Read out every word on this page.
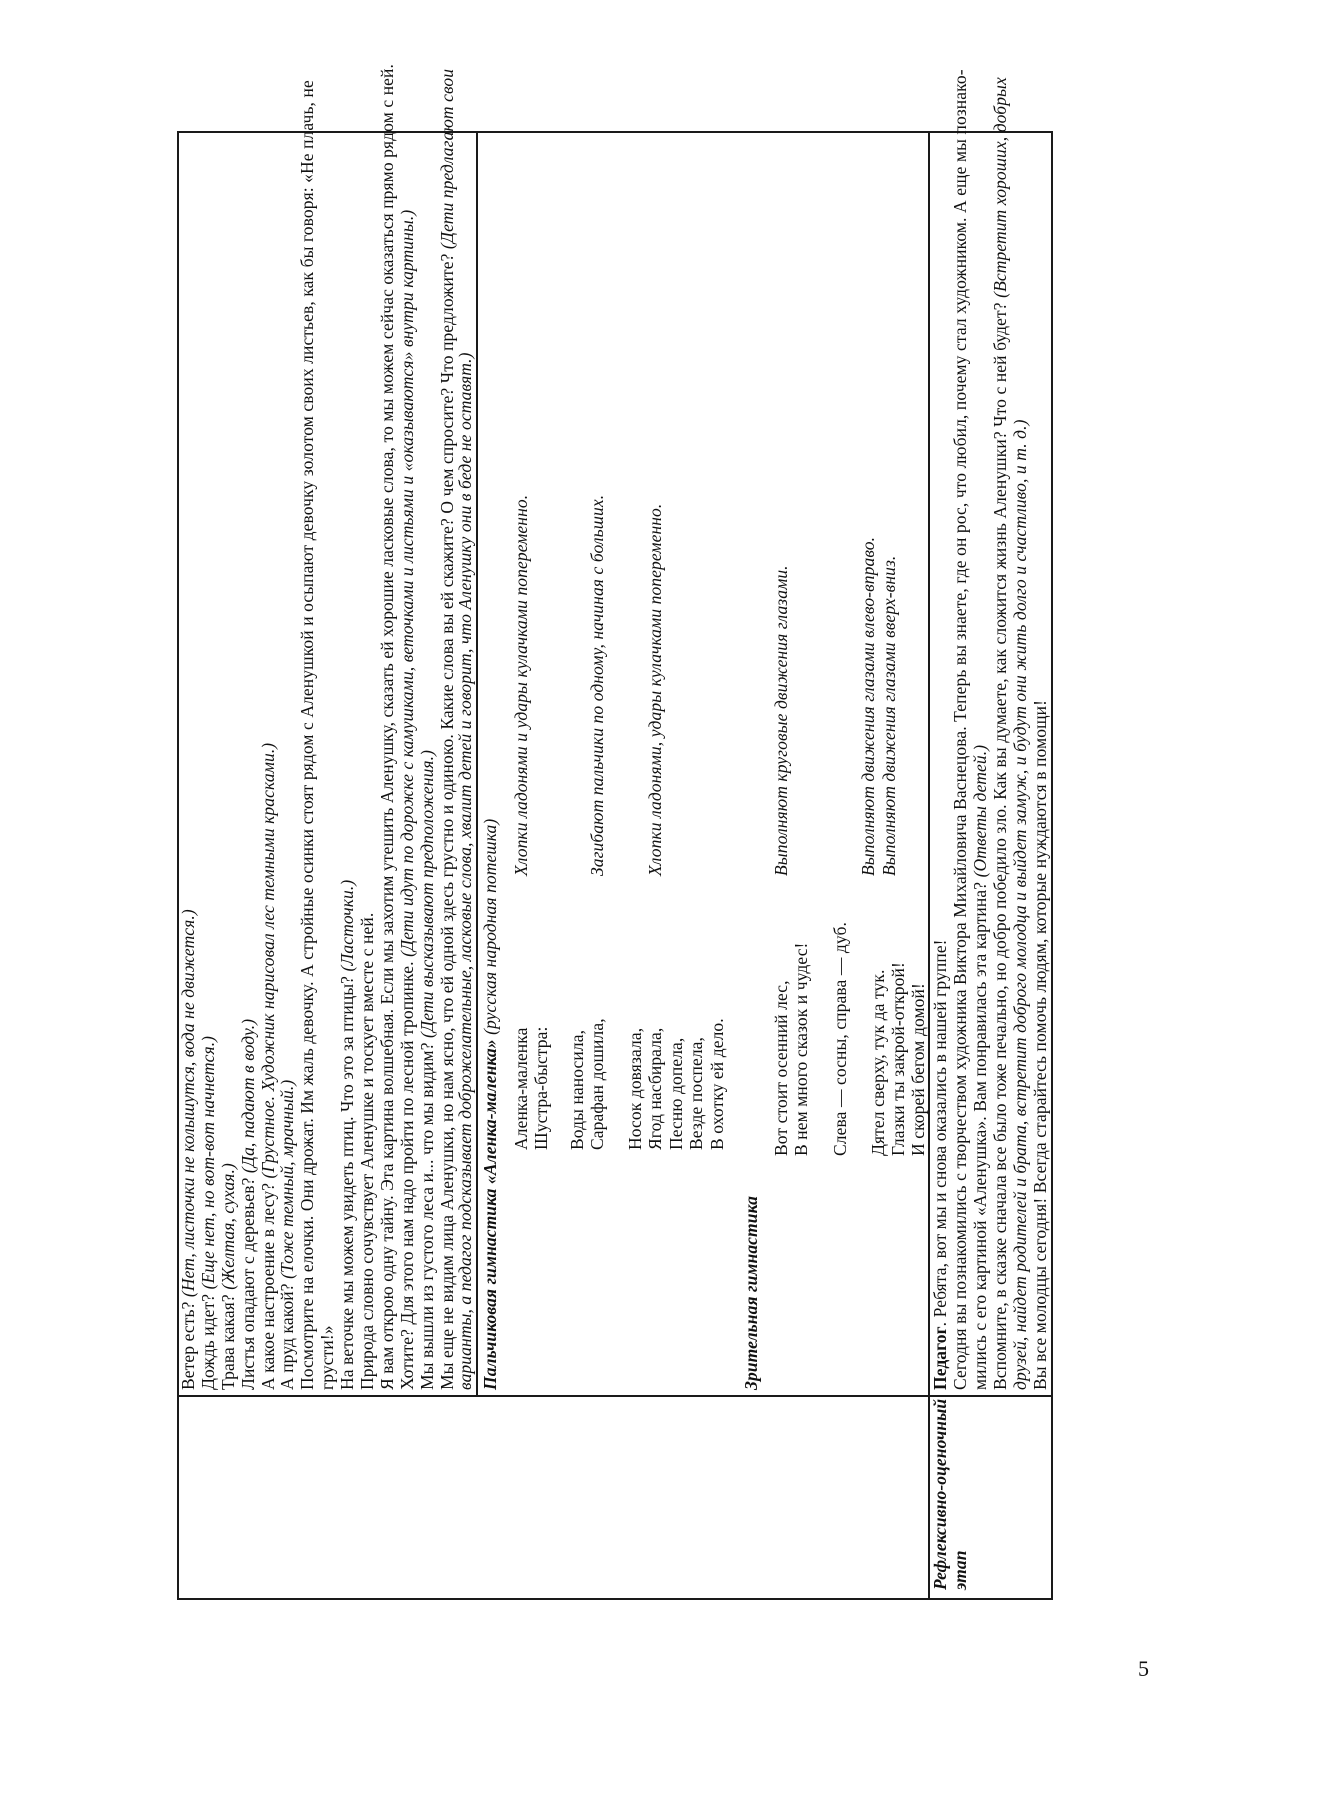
Ветер есть? (Нет, листочки не колышутся, вода не движется.)
Дождь идет? (Еще нет, но вот-вот начнется.)
Трава какая? (Желтая, сухая.) Листья опадают с деревьев? (Да, падают в воду.)
А какое настроение в лесу? (Грустное. Художник нарисовал лес темными красками.)
А пруд какой? (Тоже темный, мрачный.) Посмотрите на елочки. Они дрожат. Им жаль девочку. А стройные осинки стоят рядом с Аленушкой и осыпают девочку золотом своих листьев, как бы говоря: «Не плачь, не грусти!» На веточке мы можем увидеть птиц. Что это за птицы? (Ласточки.) Природа словно сочувствует Аленушке и тоскует вместе с ней. Я вам открою одну тайну. Эта картина волшебная. Если мы захотим утешить Аленушку, сказать ей хорошие ласковые слова, то мы можем сейчас оказаться прямо рядом с ней. Хотите? Для этого нам надо пройти по лесной тропинке. (Дети идут по дорожке с камушками, веточками и листьями и «оказываются» внутри картины.)
Мы вышли из густого леса и... что мы видим? (Дети высказывают предположения.) Мы еще не видим лица Аленушки, но нам ясно, что ей одной здесь грустно и одиноко. Какие слова вы ей скажите? О чем спросите? Что предложите? (Дети предлагают свои
варианты, а педагог подсказывает доброжелательные, ласковые слова, хвалит детей и говорит, что Аленушку они в беде не оставят.) Пальчиковая гимнастика «Аленка-маленка» (русская народная потешка)
Аленка-маленка
Хлопки ладонями и удары кулачками попеременно.
Шустра-быстра: Воды наносила, Сарафан дошила,
Загибают пальчики по одному, начиная с больших.
Носок довязала, Ягод насбирала,
Хлопки ладонями, удары кулачками попеременно.
Песню допела, Везде поспела, В охотку ей дело.
Зрительная гимнастика
Вот стоит осенний лес,
Выполняют круговые движения глазами.
В нем много сказок и чудес! Слева — сосны, справа — дуб.
Выполняют движения глазами влево-вправо.
Дятел сверху, тук да тук.
Выполняют движения глазами вверх-вниз.
Глазки ты закрой-открой! И скорей бегом домой!
Рефлексивно-оценочный этап
Педагог. Ребята, вот мы и снова оказались в нашей группе! Сегодня вы познакомились с творчеством художника Виктора Михайловича Васнецова. Теперь вы знаете, где он рос, что любил, почему стал художником. А еще мы познако- мились с его картиной «Аленушка». Вам понравилась эта картина? (Ответы детей.) Вспомните, в сказке сначала все было тоже печально, но добро победило зло. Как вы думаете, как сложится жизнь Аленушки? Что с ней будет? (Встретит хороших, добрых
друзей, найдет родителей и брата, встретит доброго молодца и выйдет замуж, и будут они жить долго и счастливо, и т. д.) Вы все молодцы сегодня! Всегда старайтесь помочь людям, которые нуждаются в помощи!
5
